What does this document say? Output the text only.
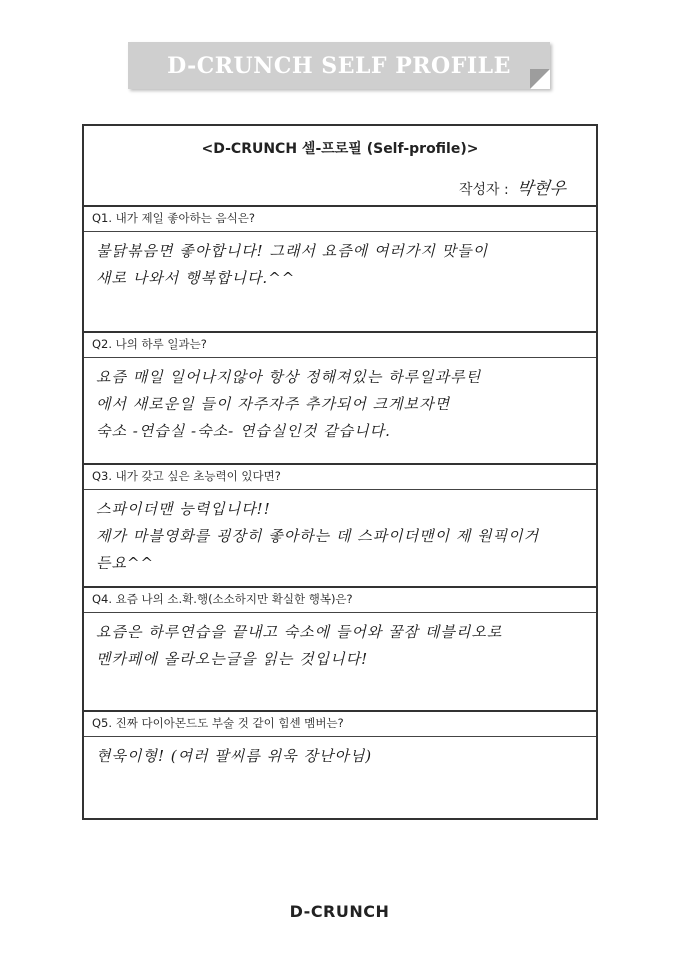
D-CRUNCH SELF PROFILE
<D-CRUNCH 셀-프로필 (Self-profile)>
작성자 : 박현우
Q1. 내가 제일 좋아하는 음식은?

불닭볶음면 좋아합니다! 그래서 요즘에 여러가지 맛들이

새로 나와서 행복합니다.^^

Q2. 나의 하루 일과는?

요즘 매일 일어나지않아 항상 정해져있는 하루일과루틴

에서 새로운일 들이 자주자주 추가되어 크게보자면

숙소 -연습실 -숙소- 연습실인것 같습니다.

Q3. 내가 갖고 싶은 초능력이 있다면?

스파이더맨 능력입니다!!

제가 마블영화를 굉장히 좋아하는 데 스파이더맨이 제 원픽이거

든요^^

Q4. 요즘 나의 소.확.행(소소하지만 확실한 행복)은?

요즘은 하루연습을 끝내고 숙소에 들어와 꿀잠 데블리오로

멘카페에 올라오는글을 읽는 것입니다!

Q5. 진짜 다이아몬드도 부술 것 같이 힘센 멤버는?

현욱이형! (여러 팔씨름 위욱 장난아님)

D-CRUNCH
